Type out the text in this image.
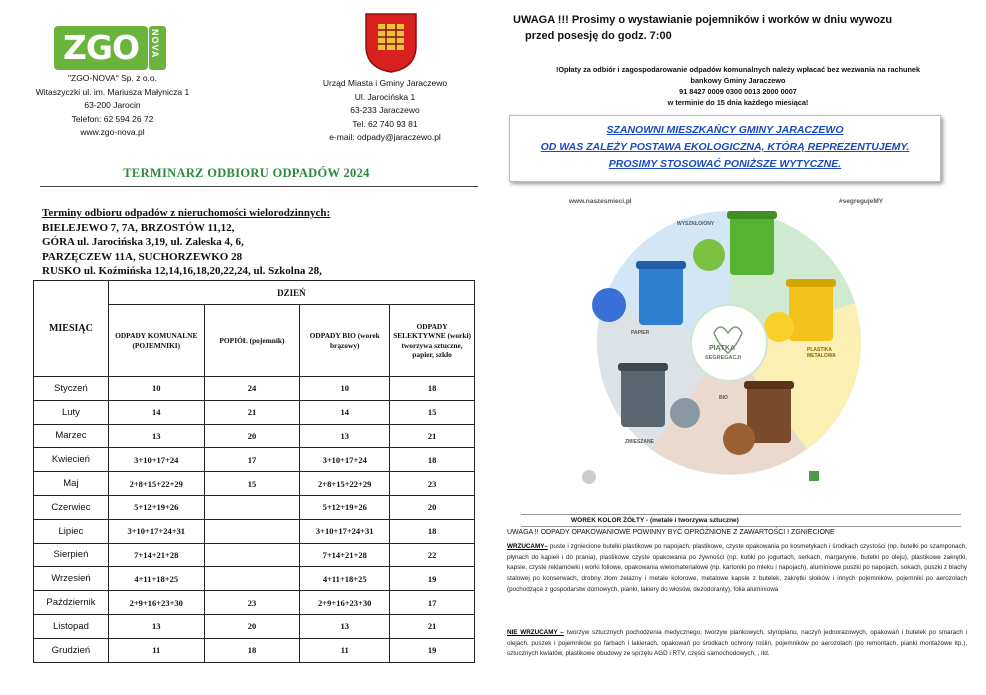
ZGO	NOVA
"ZGO-NOVA" Sp. z o.o.
Witaszyczki ul. im. Mariusza Małynicza 1
63-200 Jarocin
Telefon: 62 594 26 72
www.zgo-nova.pl
Urząd Miasta i Gminy Jaraczewo
Ul. Jarocińska 1
63-233 Jaraczewo
Tel. 62 740 93 81
e-mail: odpady@jaraczewo.pl
TERMINARZ ODBIORU ODPADÓW 2024
Terminy odbioru odpadów z nieruchomości wielorodzinnych:
BIELEJEWO 7, 7A, BRZOSTÓW 11,12,
GÓRA ul. Jarocińska 3,19, ul. Zaleska 4, 6,
PARZĘCZEW 11A, SUCHORZEWKO 28
RUSKO ul. Koźmińska 12,14,16,18,20,22,24, ul. Szkolna 28,
MIESIĄC	DZIEŃ			
	ODPADY KOMUNALNE (POJEMNIKI)	POPIÓŁ (pojemnik)	ODPADY BIO (worek brązowy)	ODPADY SELEKTYWNE (worki) tworzywa sztuczne, papier, szkło
Styczeń	10	24	10	18
Luty	14	21	14	15
Marzec	13	20	13	21
Kwiecień	3+10+17+24	17	3+10+17+24	18
Maj	2+8+15+22+29	15	2+8+15+22+29	23
Czerwiec	5+12+19+26		5+12+19+26	20
Lipiec	3+10+17+24+31		3+10+17+24+31	18
Sierpień	7+14+21+28		7+14+21+28	22
Wrzesień	4+11+18+25		4+11+18+25	19
Październik	2+9+16+23+30	23	2+9+16+23+30	17
Listopad	13	20	13	21
Grudzień	11	18	11	19
UWAGA !!! Prosimy o wystawianie pojemników i worków w dniu wywozu
przed posesję do godz. 7:00
!Opłaty za odbiór i zagospodarowanie odpadów komunalnych należy wpłacać bez wezwania na rachunek
bankowy Gminy Jaraczewo
91 8427 0009 0300 0013 2000 0007
w terminie do 15 dnia każdego miesiąca!
SZANOWNI MIESZKAŃCY GMINY JARACZEWO
OD WAS ZALEŻY POSTAWA EKOLOGICZNA, KTÓRĄ REPREZENTUJEMY.
PROSIMY STOSOWAĆ PONIŻSZE WYTYCZNE.
www.naszesmieci.pl	#segregujeMY
WYSZKŁO/ONY
PAPIER
PLASTIKA METALOWA
ZMIESZANE
BIO
PIĄTKA
SEGREGACJI
WOREK KOLOR ŻÓŁTY - (metale i tworzywa sztuczne)
UWAGA !! ODPADY OPAKOWANIOWE POWINNY BYĆ OPRÓŻNIONE Z ZAWARTOŚCI I ZGNIECIONE
WRZUCAMY– puste i zgniecione butelki plastikowe po napojach, plastikowe, czyste opakowania po kosmetykach i środkach czystości (np. butelki po szamponach, płynach do kąpieli i do prania), plastikowe czyste opakowania po żywności (np. kubki po jogurtach, serkach, margarynie, butelki po oleju), plastikowe zakrętki, kapsle, czyste reklamówki i worki foliowe, opakowania wielomateriałowe (np. kartoniki po mleku i napojach), aluminiowe puszki po napojach, sokach, puszki z blachy stalowej po konserwach, drobny złom żelazny i metale kolorowe, metalowe kapsle z butelek, zakrętki słoików i innych pojemników, pojemniki po aerozolach (pochodzące z gospodarstw domowych, pianki, lakiery do włosów, dezodoranty), folia aluminiowa
NIE WRZUCAMY – tworzyw sztucznych pochodzenia medycznego, tworzyw piankowych, styropianu, naczyń jednorazowych, opakowań i butelek po smarach i olejach, puszek i pojemników po farbach i lakierach, opakowań po środkach ochrony roślin, pojemników po aerozolach (po remontach, pianki montażowe itp.), sztucznych kwiatów, plastikowe obudowy ze sprzętu AGD i RTV, części samochodowych, , itd.
